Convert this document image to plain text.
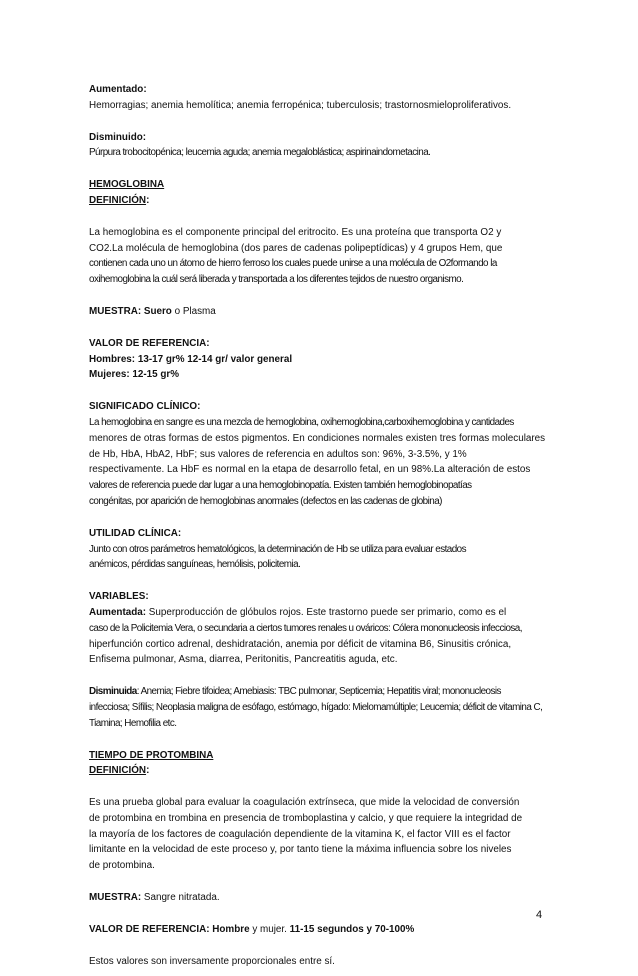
Aumentado:

Hemorragias; anemia hemolítica; anemia ferropénica; tuberculosis; trastornosmieloproliferativos.

Disminuido:

Púrpura trobocitopénica; leucemia aguda; anemia megaloblástica; aspirinaindometacina.

HEMOGLOBINA

DEFINICIÓN:

La hemoglobina es el componente principal del eritrocito. Es una proteína que transporta O2 y

CO2.La molécula de hemoglobina (dos pares de cadenas polipeptídicas) y 4 grupos Hem, que

contienen cada uno un átomo de hierro ferroso los cuales puede unirse a una molécula de O2formando la

oxihemoglobina la cuál será liberada y transportada a los diferentes tejidos de nuestro organismo.

MUESTRA: Suero o Plasma

VALOR DE REFERENCIA:

Hombres: 13-17 gr% 12-14 gr/ valor general

Mujeres: 12-15 gr%

SIGNIFICADO CLÍNICO:

La hemoglobina en sangre es una mezcla de hemoglobina, oxihemoglobina,carboxihemoglobina y cantidades

menores de otras formas de estos pigmentos. En condiciones normales existen tres formas moleculares

de Hb, HbA, HbA2, HbF; sus valores de referencia en adultos son: 96%, 3-3.5%, y 1%

respectivamente. La HbF es normal en la etapa de desarrollo fetal, en un 98%.La alteración de estos

valores de referencia puede dar lugar a una hemoglobinopatía. Existen también hemoglobinopatías

congénitas, por aparición de hemoglobinas anormales (defectos en las cadenas de globina)

UTILIDAD CLÍNICA:

Junto con otros parámetros hematológicos, la determinación de Hb se utiliza para evaluar estados

anémicos, pérdidas sanguíneas, hemólisis, policitemia.

VARIABLES:

Aumentada: Superproducción de glóbulos rojos. Este trastorno puede ser primario, como es el

caso de la Policitemia Vera, o secundaria a ciertos tumores renales u ováricos: Cólera mononucleosis infecciosa,

hiperfunción cortico adrenal, deshidratación, anemia por déficit de vitamina B6, Sinusitis crónica,

Enfisema pulmonar, Asma, diarrea, Peritonitis, Pancreatitis aguda, etc.

Disminuida: Anemia; Fiebre tifoidea; Amebiasis: TBC pulmonar, Septicemia; Hepatitis viral; mononucleosis

infecciosa; Sífilis; Neoplasia maligna de esófago, estómago, hígado: Mielomamúltiple; Leucemia; déficit de vitamina C,

Tiamina; Hemofilia etc.

TIEMPO DE PROTOMBINA

DEFINICIÓN:

Es una prueba global para evaluar la coagulación extrínseca, que mide la velocidad de conversión

de protombina en trombina en presencia de tromboplastina y calcio, y que requiere la integridad de

la mayoría de los factores de coagulación dependiente de la vitamina K, el factor VIII es el factor

limitante en la velocidad de este proceso y, por tanto tiene la máxima influencia sobre los niveles

de protombina.

MUESTRA: Sangre nitratada.

VALOR DE REFERENCIA: Hombre y mujer. 11-15 segundos y 70-100%

Estos valores son inversamente proporcionales entre sí.

4
